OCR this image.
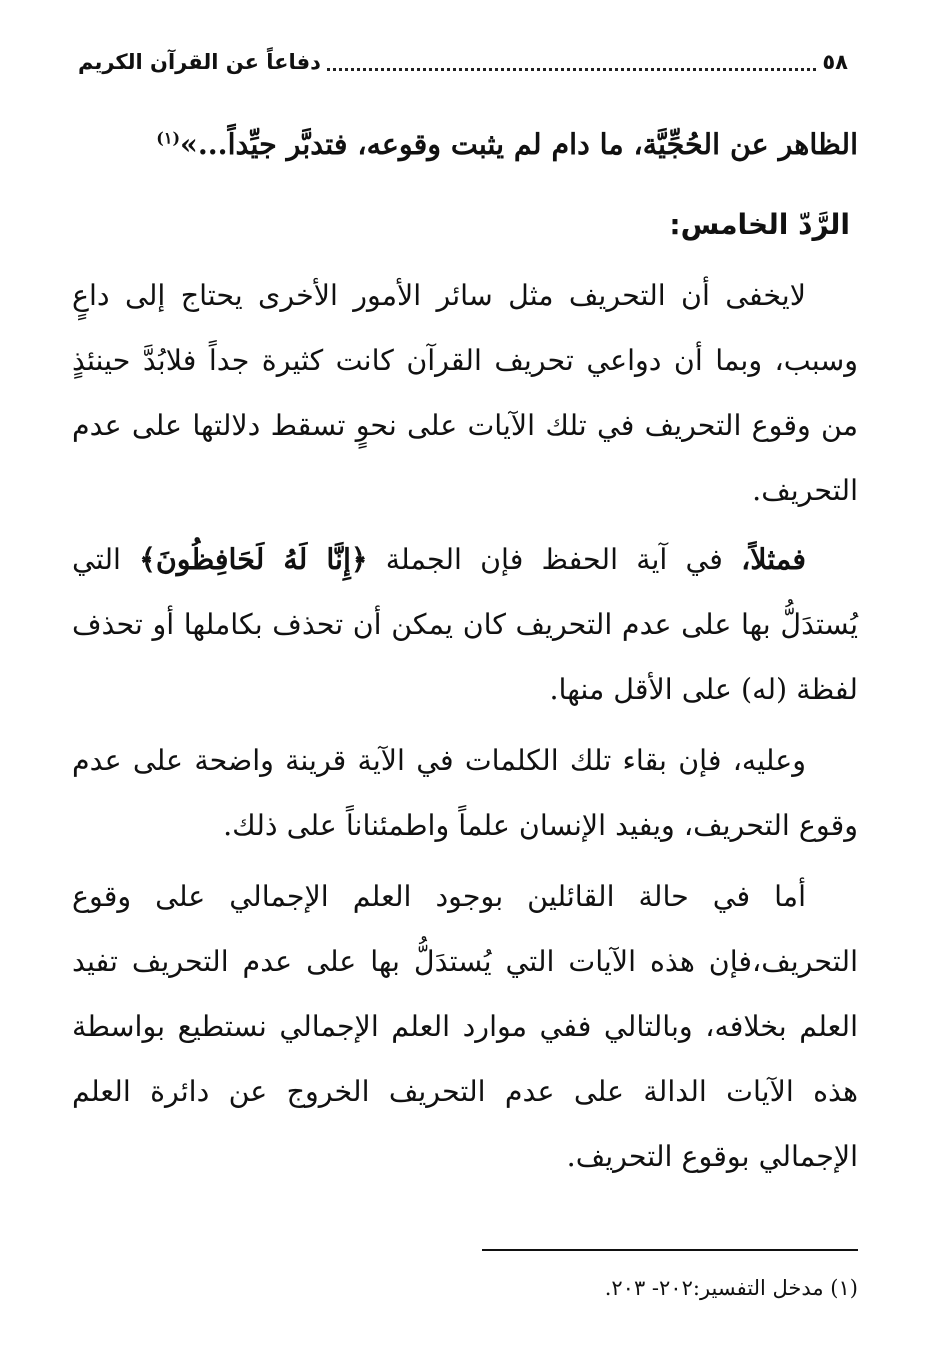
٥٨
دفاعاً عن القرآن الكريم

الظاهر عن الحُجِّيَّة، ما دام لم يثبت وقوعه، فتدبَّر جيِّداً...»$^{(١)}$

الرَّدّ الخامس:

لايخفى أن التحريف مثل سائر الأمور الأخرى يحتاج إلى داعٍ وسبب، وبما أن دواعي تحريف القرآن كانت كثيرة جداً فلابُدَّ حينئذٍ من وقوع التحريف في تلك الآيات على نحوٍ تسقط دلالتها على عدم التحريف.

فمثلاً، في آية الحفظ فإن الجملة ﴿إِنَّا لَهُ لَحَافِظُونَ﴾ التي يُستدَلُّ بها على عدم التحريف كان يمكن أن تحذف بكاملها أو تحذف لفظة (له) على الأقل منها.

وعليه، فإن بقاء تلك الكلمات في الآية قرينة واضحة على عدم وقوع التحريف، ويفيد الإنسان علماً واطمئناناً على ذلك.

أما في حالة القائلين بوجود العلم الإجمالي على وقوع التحريف،فإن هذه الآيات التي يُستدَلُّ بها على عدم التحريف تفيد العلم بخلافه، وبالتالي ففي موارد العلم الإجمالي نستطيع بواسطة هذه الآيات الدالة على عدم التحريف الخروج عن دائرة العلم الإجمالي بوقوع التحريف.

(١) مدخل التفسير:٢٠٢- ٢٠٣.
